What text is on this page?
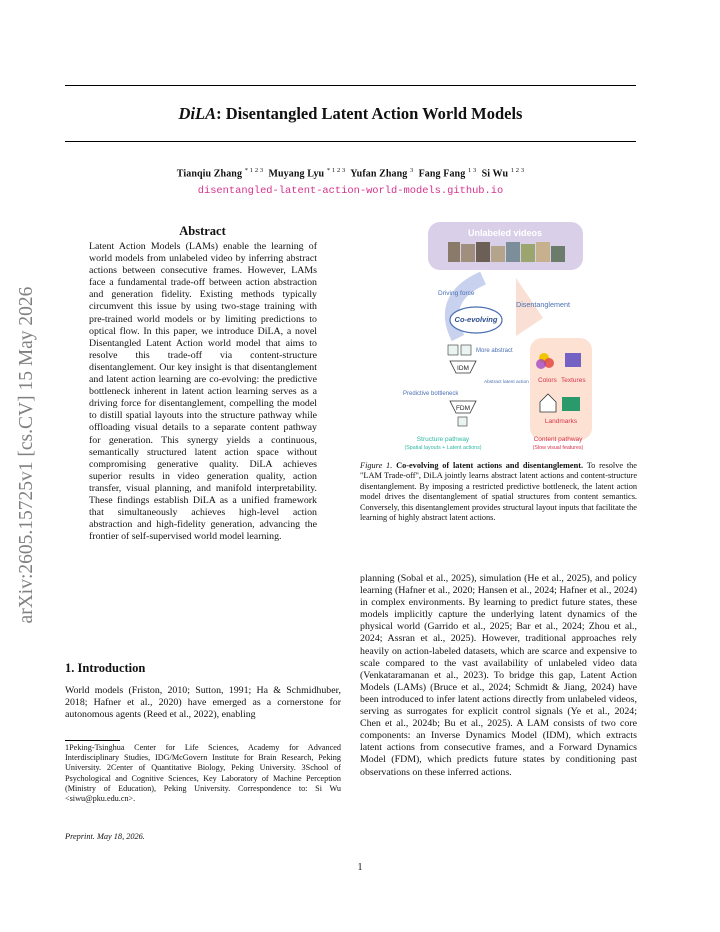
DiLA: Disentangled Latent Action World Models
Tianqiu Zhang $^{* 1 2 3}$ Muyang Lyu $^{* 1 2 3}$ Yufan Zhang $^3$ Fang Fang $^{1 3}$ Si Wu $^{1 2 3}$
disentangled-latent-action-world-models.github.io
arXiv:2605.15725v1 [cs.CV] 15 May 2026
Abstract

Latent Action Models (LAMs) enable the learning of world models from unlabeled video by inferring abstract actions between consecutive frames. However, LAMs face a fundamental trade-off between action abstraction and generation fidelity. Existing methods typically circumvent this issue by using two-stage training with pre-trained world models or by limiting predictions to optical flow. In this paper, we introduce DiLA, a novel Disentangled Latent Action world model that aims to resolve this trade-off via content-structure disentanglement. Our key insight is that disentanglement and latent action learning are co-evolving: the predictive bottleneck inherent in latent action learning serves as a driving force for disentanglement, compelling the model to distill spatial layouts into the structure pathway while offloading visual details to a separate content pathway for generation. This synergy yields a continuous, semantically structured latent action space without compromising generative quality. DiLA achieves superior results in video generation quality, action transfer, visual planning, and manifold interpretability. These findings establish DiLA as a unified framework that simultaneously achieves high-level action abstraction and high-fidelity generation, advancing the frontier of self-supervised world model learning.

1. Introduction

World models (Friston, 2010; Sutton, 1991; Ha & Schmidhuber, 2018; Hafner et al., 2020) have emerged as a cornerstone for autonomous agents (Reed et al., 2022), enabling

1Peking-Tsinghua Center for Life Sciences, Academy for Advanced Interdisciplinary Studies, IDG/McGovern Institute for Brain Research, Peking University. 2Center of Quantitative Biology, Peking University. 3School of Psychological and Cognitive Sciences, Key Laboratory of Machine Perception (Ministry of Education), Peking University. Correspondence to: Si Wu <siwu@pku.edu.cn>.

Preprint. May 18, 2026.
Unlabeled videos
Driving force
Disentanglement
Co-evolving
More abstract
IDM
Abstract latent action
Predictive bottleneck
FDM
Colors Textures
Landmarks
Structure pathway
(Spatial layouts + Latent actions)
Content pathway
(Slow visual features)

Figure 1. Co-evolving of latent actions and disentanglement. To resolve the "LAM Trade-off", DiLA jointly learns abstract latent actions and content-structure disentanglement. By imposing a restricted predictive bottleneck, the latent action model drives the disentanglement of spatial structures from content semantics. Conversely, this disentanglement provides structural layout inputs that facilitate the learning of highly abstract latent actions.

planning (Sobal et al., 2025), simulation (He et al., 2025), and policy learning (Hafner et al., 2020; Hansen et al., 2024; Hafner et al., 2024) in complex environments. By learning to predict future states, these models implicitly capture the underlying latent dynamics of the physical world (Garrido et al., 2025; Bar et al., 2024; Zhou et al., 2024; Assran et al., 2025). However, traditional approaches rely heavily on action-labeled datasets, which are scarce and expensive to scale compared to the vast availability of unlabeled video data (Venkataramanan et al., 2023). To bridge this gap, Latent Action Models (LAMs) (Bruce et al., 2024; Schmidt & Jiang, 2024) have been introduced to infer latent actions directly from unlabeled videos, serving as surrogates for explicit control signals (Ye et al., 2024; Chen et al., 2024b; Bu et al., 2025). A LAM consists of two core components: an Inverse Dynamics Model (IDM), which extracts latent actions from consecutive frames, and a Forward Dynamics Model (FDM), which predicts future states by conditioning past observations on these inferred actions.

1
